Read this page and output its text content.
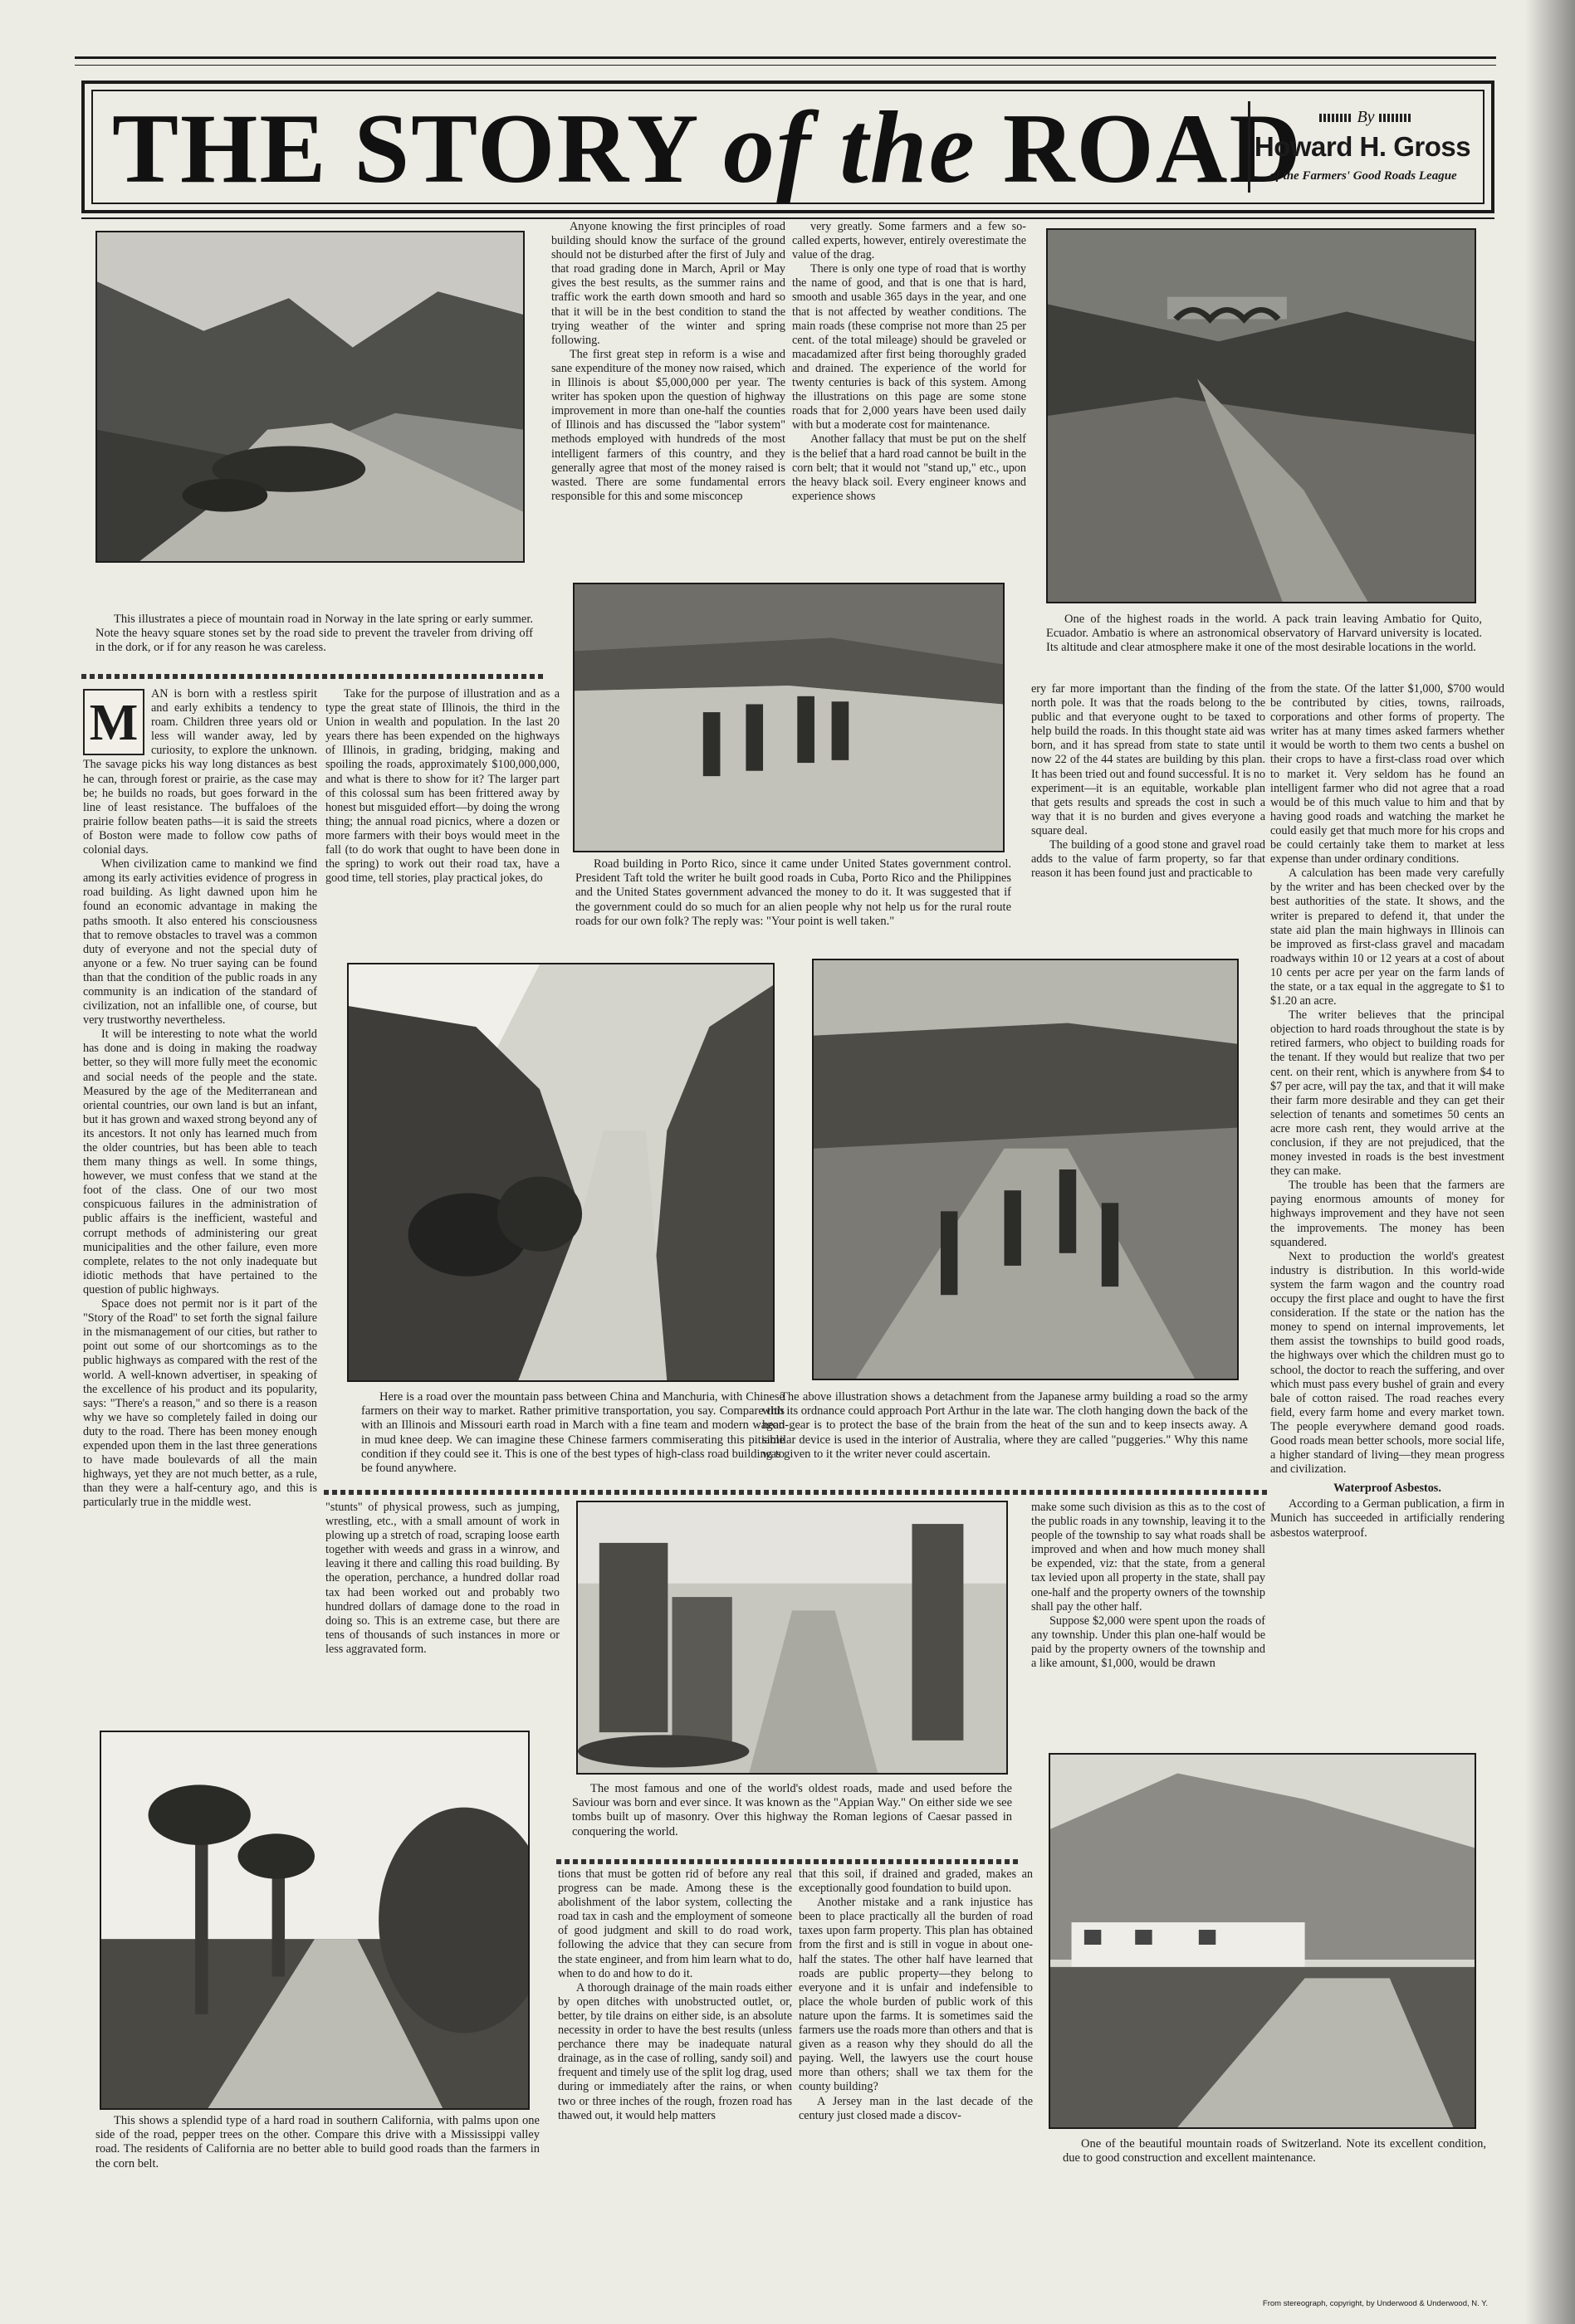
THE STORY of the ROAD	By
Howard H. Gross
of the Farmers' Good Roads League

This illustrates a piece of mountain road in Norway in the late spring or early summer. Note the heavy square stones set by the road side to prevent the traveler from driving off in the dork, or if for any reason he was careless.

Anyone knowing the first principles of road building should know the surface of the ground should not be disturbed after the first of July and that road grading done in March, April or May gives the best results, as the summer rains and traffic work the earth down smooth and hard so that it will be in the best condition to stand the trying weather of the winter and spring following.

The first great step in reform is a wise and sane expenditure of the money now raised, which in Illinois is about $5,000,000 per year. The writer has spoken upon the question of highway improvement in more than one-half the counties of Illinois and has discussed the "labor system" methods employed with hundreds of the most intelligent farmers of this country, and they generally agree that most of the money raised is wasted. There are some fundamental errors responsible for this and some misconcep

very greatly. Some farmers and a few so-called experts, however, entirely overestimate the value of the drag.

There is only one type of road that is worthy the name of good, and that is one that is hard, smooth and usable 365 days in the year, and one that is not affected by weather conditions. The main roads (these comprise not more than 25 per cent. of the total mileage) should be graveled or macadamized after first being thoroughly graded and drained. The experience of the world for twenty centuries is back of this system. Among the illustrations on this page are some stone roads that for 2,000 years have been used daily with but a moderate cost for maintenance.

Another fallacy that must be put on the shelf is the belief that a hard road cannot be built in the corn belt; that it would not "stand up," etc., upon the heavy black soil. Every engineer knows and experience shows

One of the highest roads in the world. A pack train leaving Ambatio for Quito, Ecuador. Ambatio is where an astronomical observatory of Harvard university is located. Its altitude and clear atmosphere make it one of the most desirable locations in the world.

Road building in Porto Rico, since it came under United States government control. President Taft told the writer he built good roads in Cuba, Porto Rico and the Philippines and the United States government advanced the money to do it. It was suggested that if the government could do so much for an alien people why not help us for the rural route roads for our own folk? The reply was: "Your point is well taken."

M

AN is born with a restless spirit and early exhibits a tendency to roam. Children three years old or less will wander away, led by curiosity, to explore the unknown. The savage picks his way long distances as best he can, through forest or prairie, as the case may be; he builds no roads, but goes forward in the line of least resistance. The buffaloes of the prairie follow beaten paths—it is said the streets of Boston were made to follow cow paths of colonial days.

When civilization came to mankind we find among its early activities evidence of progress in road building. As light dawned upon him he found an economic advantage in making the paths smooth. It also entered his consciousness that to remove obstacles to travel was a common duty of everyone and not the special duty of anyone or a few. No truer saying can be found than that the condition of the public roads in any community is an indication of the standard of civilization, not an infallible one, of course, but very trustworthy nevertheless.

It will be interesting to note what the world has done and is doing in making the roadway better, so they will more fully meet the economic and social needs of the people and the state. Measured by the age of the Mediterranean and oriental countries, our own land is but an infant, but it has grown and waxed strong beyond any of its ancestors. It not only has learned much from the older countries, but has been able to teach them many things as well. In some things, however, we must confess that we stand at the foot of the class. One of our two most conspicuous failures in the administration of public affairs is the inefficient, wasteful and corrupt methods of administering our great municipalities and the other failure, even more complete, relates to the not only inadequate but idiotic methods that have pertained to the question of public highways.

Space does not permit nor is it part of the "Story of the Road" to set forth the signal failure in the mismanagement of our cities, but rather to point out some of our shortcomings as to the public highways as compared with the rest of the world. A well-known advertiser, in speaking of the excellence of his product and its popularity, says: "There's a reason," and so there is a reason why we have so completely failed in doing our duty to the road. There has been money enough expended upon them in the last three generations to have made boulevards of all the main highways, yet they are not much better, as a rule, than they were a half-century ago, and this is particularly true in the middle west.

Take for the purpose of illustration and as a type the great state of Illinois, the third in the Union in wealth and population. In the last 20 years there has been expended on the highways of Illinois, in grading, bridging, making and spoiling the roads, approximately $100,000,000, and what is there to show for it? The larger part of this colossal sum has been frittered away by honest but misguided effort—by doing the wrong thing; the annual road picnics, where a dozen or more farmers with their boys would meet in the fall (to do work that ought to have been done in the spring) to work out their road tax, have a good time, tell stories, play practical jokes, do

ery far more important than the finding of the north pole. It was that the roads belong to the public and that everyone ought to be taxed to help build the roads. In this thought state aid was born, and it has spread from state to state until now 22 of the 44 states are building by this plan. It has been tried out and found successful. It is no experiment—it is an equitable, workable plan that gets results and spreads the cost in such a way that it is no burden and gives everyone a square deal.

The building of a good stone and gravel road adds to the value of farm property, so far that reason it has been found just and practicable to

from the state. Of the latter $1,000, $700 would be contributed by cities, towns, railroads, corporations and other forms of property. The writer has at many times asked farmers whether it would be worth to them two cents a bushel on their crops to have a first-class road over which to market it. Very seldom has he found an intelligent farmer who did not agree that a road would be of this much value to him and that by having good roads and watching the market he could easily get that much more for his crops and be could certainly take them to market at less expense than under ordinary conditions.

A calculation has been made very carefully by the writer and has been checked over by the best authorities of the state. It shows, and the writer is prepared to defend it, that under the state aid plan the main highways in Illinois can be improved as first-class gravel and macadam roadways within 10 or 12 years at a cost of about 10 cents per acre per year on the farm lands of the state, or a tax equal in the aggregate to $1 to $1.20 an acre.

The writer believes that the principal objection to hard roads throughout the state is by retired farmers, who object to building roads for the tenant. If they would but realize that two per cent. on their rent, which is anywhere from $4 to $7 per acre, will pay the tax, and that it will make their farm more desirable and they can get their selection of tenants and sometimes 50 cents an acre more cash rent, they would arrive at the conclusion, if they are not prejudiced, that the money invested in roads is the best investment they can make.

The trouble has been that the farmers are paying enormous amounts of money for highways improvement and they have not seen the improvements. The money has been squandered.

Next to production the world's greatest industry is distribution. In this world-wide system the farm wagon and the country road occupy the first place and ought to have the first consideration. If the state or the nation has the money to spend on internal improvements, let them assist the townships to build good roads, the highways over which the children must go to school, the doctor to reach the suffering, and over which must pass every bushel of grain and every bale of cotton raised. The road reaches every field, every farm home and every market town. The people everywhere demand good roads. Good roads mean better schools, more social life, a higher standard of living—they mean progress and civilization.

Waterproof Asbestos.

According to a German publication, a firm in Munich has succeeded in artificially rendering asbestos waterproof.

Here is a road over the mountain pass between China and Manchuria, with Chinese farmers on their way to market. Rather primitive transportation, you say. Compare this with an Illinois and Missouri earth road in March with a fine team and modern wagon in mud knee deep. We can imagine these Chinese farmers commiserating this pitiable condition if they could see it. This is one of the best types of high-class road building to be found anywhere.

The above illustration shows a detachment from the Japanese army building a road so the army with its ordnance could approach Port Arthur in the late war. The cloth hanging down the back of the head-gear is to protect the base of the brain from the heat of the sun and to keep insects away. A similar device is used in the interior of Australia, where they are called "puggeries." Why this name was given to it the writer never could ascertain.

"stunts" of physical prowess, such as jumping, wrestling, etc., with a small amount of work in plowing up a stretch of road, scraping loose earth together with weeds and grass in a winrow, and leaving it there and calling this road building. By the operation, perchance, a hundred dollar road tax had been worked out and probably two hundred dollars of damage done to the road in doing so. This is an extreme case, but there are tens of thousands of such instances in more or less aggravated form.

The most famous and one of the world's oldest roads, made and used before the Saviour was born and ever since. It was known as the "Appian Way." On either side we see tombs built up of masonry. Over this highway the Roman legions of Caesar passed in conquering the world.

make some such division as this as to the cost of the public roads in any township, leaving it to the people of the township to say what roads shall be improved and when and how much money shall be expended, viz: that the state, from a general tax levied upon all property in the state, shall pay one-half and the property owners of the township shall pay the other half.

Suppose $2,000 were spent upon the roads of any township. Under this plan one-half would be paid by the property owners of the township and a like amount, $1,000, would be drawn

This shows a splendid type of a hard road in southern California, with palms upon one side of the road, pepper trees on the other. Compare this drive with a Mississippi valley road. The residents of California are no better able to build good roads than the farmers in the corn belt.

tions that must be gotten rid of before any real progress can be made. Among these is the abolishment of the labor system, collecting the road tax in cash and the employment of someone of good judgment and skill to do road work, following the advice that they can secure from the state engineer, and from him learn what to do, when to do and how to do it.

A thorough drainage of the main roads either by open ditches with unobstructed outlet, or, better, by tile drains on either side, is an absolute necessity in order to have the best results (unless perchance there may be inadequate natural drainage, as in the case of rolling, sandy soil) and frequent and timely use of the split log drag, used during or immediately after the rains, or when two or three inches of the rough, frozen road has thawed out, it would help matters

that this soil, if drained and graded, makes an exceptionally good foundation to build upon.

Another mistake and a rank injustice has been to place practically all the burden of road taxes upon farm property. This plan has obtained from the first and is still in vogue in about one-half the states. The other half have learned that roads are public property—they belong to everyone and it is unfair and indefensible to place the whole burden of public work of this nature upon the farms. It is sometimes said the farmers use the roads more than others and that is given as a reason why they should do all the paying. Well, the lawyers use the court house more than others; shall we tax them for the county building?

A Jersey man in the last decade of the century just closed made a discov-

One of the beautiful mountain roads of Switzerland. Note its excellent condition, due to good construction and excellent maintenance.

From stereograph, copyright, by Underwood & Underwood, N. Y.
